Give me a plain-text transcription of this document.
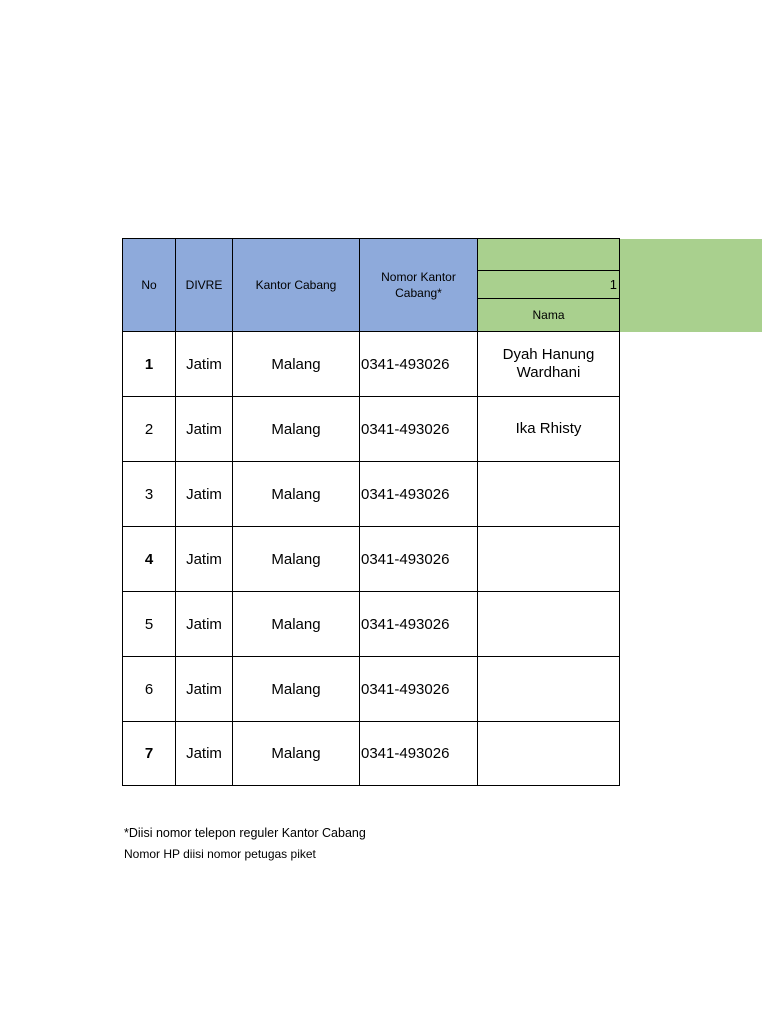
No	DIVRE	Kantor Cabang	Nomor Kantor Cabang*	
				1
				Nama
1	Jatim	Malang	0341-493026	Dyah Hanung Wardhani
2	Jatim	Malang	0341-493026	Ika Rhisty
3	Jatim	Malang	0341-493026	
4	Jatim	Malang	0341-493026	
5	Jatim	Malang	0341-493026	
6	Jatim	Malang	0341-493026	
7	Jatim	Malang	0341-493026	
*Diisi nomor telepon reguler Kantor Cabang
Nomor HP diisi nomor petugas piket
